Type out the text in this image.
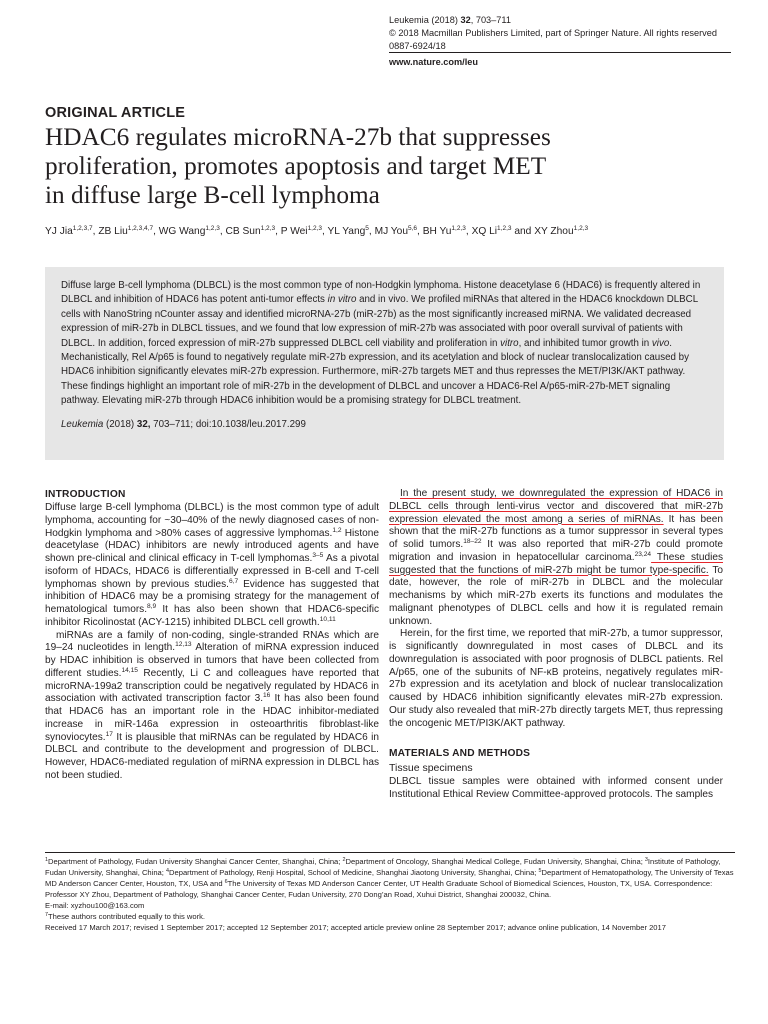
Leukemia (2018) 32, 703–711

© 2018 Macmillan Publishers Limited, part of Springer Nature. All rights reserved 0887-6924/18

www.nature.com/leu
ORIGINAL ARTICLE
HDAC6 regulates microRNA-27b that suppresses
proliferation, promotes apoptosis and target MET
in diffuse large B-cell lymphoma
YJ Jia$^{1,2,3,7}$, ZB Liu$^{1,2,3,4,7}$, WG Wang$^{1,2,3}$, CB Sun$^{1,2,3}$, P Wei$^{1,2,3}$, YL Yang$^5$, MJ You$^{5,6}$, BH Yu$^{1,2,3}$, XQ Li$^{1,2,3}$ and XY Zhou$^{1,2,3}$

Diffuse large B-cell lymphoma (DLBCL) is the most common type of non-Hodgkin lymphoma. Histone deacetylase 6 (HDAC6) is frequently altered in DLBCL and inhibition of HDAC6 has potent anti-tumor effects in vitro and in vivo. We profiled miRNAs that altered in the HDAC6 knockdown DLBCL cells with NanoString nCounter assay and identified microRNA-27b (miR-27b) as the most significantly increased miRNA. We validated decreased expression of miR-27b in DLBCL tissues, and we found that low expression of miR-27b was associated with poor overall survival of patients with DLBCL. In addition, forced expression of miR-27b suppressed DLBCL cell viability and proliferation in vitro, and inhibited tumor growth in vivo. Mechanistically, Rel A/p65 is found to negatively regulate miR-27b expression, and its acetylation and block of nuclear translocalization caused by HDAC6 inhibition significantly elevates miR-27b expression. Furthermore, miR-27b targets MET and thus represses the MET/PI3K/AKT pathway. These findings highlight an important role of miR-27b in the development of DLBCL and uncover a HDAC6-Rel A/p65-miR-27b-MET signaling pathway. Elevating miR-27b through HDAC6 inhibition would be a promising strategy for DLBCL treatment.

Leukemia (2018) 32, 703–711; doi:10.1038/leu.2017.299

INTRODUCTION

Diffuse large B-cell lymphoma (DLBCL) is the most common type of adult lymphoma, accounting for ~30–40% of the newly diagnosed cases of non-Hodgkin lymphoma and >80% cases of aggressive lymphomas.$^{1,2}$ Histone deacetylase (HDAC) inhibitors are newly introduced agents and have shown pre-clinical and clinical efficacy in T-cell lymphomas.$^{3-5}$ As a pivotal isoform of HDACs, HDAC6 is differentially expressed in B-cell and T-cell lymphomas shown by previous studies.$^{6,7}$ Evidence has suggested that inhibition of HDAC6 may be a promising strategy for the management of hematological tumors.$^{8,9}$ It has also been shown that HDAC6-specific inhibitor Ricolinostat (ACY-1215) inhibited DLBCL cell growth.$^{10,11}$

miRNAs are a family of non-coding, single-stranded RNAs which are 19–24 nucleotides in length.$^{12,13}$ Alteration of miRNA expression induced by HDAC inhibition is observed in tumors that have been collected from different studies.$^{14,15}$ Recently, Li C and colleagues have reported that microRNA-199a2 transcription could be negatively regulated by HDAC6 in association with activated transcription factor 3.16 It has also been found that HDAC6 has an important role in the HDAC inhibitor-mediated increase in miR-146a expression in osteoarthritis fibroblast-like synoviocytes.$^{17}$ It is plausible that miRNAs can be regulated by HDAC6 in DLBCL and contribute to the development and progression of DLBCL. However, HDAC6-mediated regulation of miRNA expression in DLBCL has not been studied.

In the present study, we downregulated the expression of HDAC6 in DLBCL cells through lenti-virus vector and discovered that miR-27b expression elevated the most among a series of miRNAs. It has been shown that the miR-27b functions as a tumor suppressor in several types of solid tumors.$^{18-22}$ It was also reported that miR-27b could promote migration and invasion in hepatocellular carcinoma.$^{23,24}$ These studies suggested that the functions of miR-27b might be tumor type-specific. To date, however, the role of miR-27b in DLBCL and the molecular mechanisms by which miR-27b exerts its functions and modulates the malignant phenotypes of DLBCL cells and how it is regulated remain unknown.

Herein, for the first time, we reported that miR-27b, a tumor suppressor, is significantly downregulated in most cases of DLBCL and its downregulation is associated with poor prognosis of DLBCL patients. Rel A/p65, one of the subunits of NF-κB proteins, negatively regulates miR-27b expression and its acetylation and block of nuclear translocalization caused by HDAC6 inhibition significantly elevates miR-27b expression. Our study also revealed that miR-27b directly targets MET, thus repressing the oncogenic MET/PI3K/AKT pathway.

MATERIALS AND METHODS
Tissue specimens

DLBCL tissue samples were obtained with informed consent under Institutional Ethical Review Committee-approved protocols. The samples

$^1$Department of Pathology, Fudan University Shanghai Cancer Center, Shanghai, China; $^2$Department of Oncology, Shanghai Medical College, Fudan University, Shanghai, China; $^3$Institute of Pathology, Fudan University, Shanghai, China; $^4$Department of Pathology, Renji Hospital, School of Medicine, Shanghai Jiaotong University, Shanghai, China; $^5$Department of Hematopathology, The University of Texas MD Anderson Cancer Center, Houston, TX, USA and $^6$The University of Texas MD Anderson Cancer Center, UT Health Graduate School of Biomedical Sciences, Houston, TX, USA. Correspondence: Professor XY Zhou, Department of Pathology, Shanghai Cancer Center, Fudan University, 270 Dong’an Road, Xuhui District, Shanghai 200032, China.

E-mail: xyzhou100@163.com

$^7$These authors contributed equally to this work.

Received 17 March 2017; revised 1 September 2017; accepted 12 September 2017; accepted article preview online 28 September 2017; advance online publication, 14 November 2017
